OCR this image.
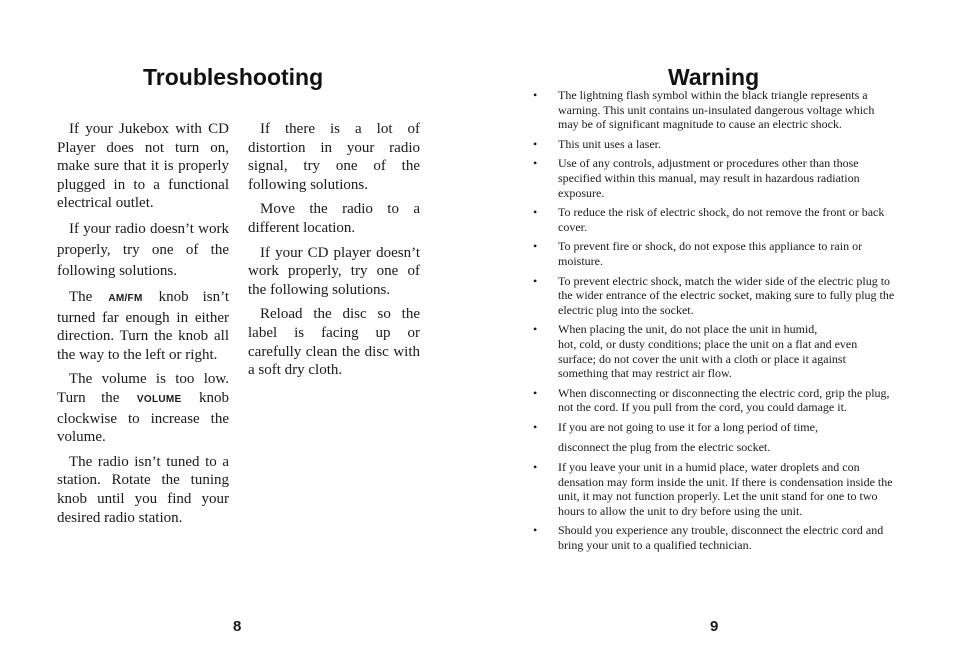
Troubleshooting

If your Jukebox with CD Player does not turn on, make sure that it is properly plugged in to a functional electrical outlet.

If your radio doesn’t work properly, try one of the following solutions.

The AM/FM knob isn’t turned far enough in either direction. Turn the knob all the way to the left or right.

The volume is too low. Turn the VOLUME knob clockwise to increase the volume.

The radio isn’t tuned to a station. Rotate the tuning knob until you find your desired radio station.

If there is a lot of distortion in your radio signal, try one of the following solutions.

Move the radio to a different location.

If your CD player doesn’t work properly, try one of the following solutions.

Reload the disc so the label is facing up or carefully clean the disc with a soft dry cloth.

8
Warning
• The lightning flash symbol within the black triangle represents a warning. This unit contains un-insulated dangerous voltage which may be of significant magnitude to cause an electric shock.
• This unit uses a laser.
• Use of any controls, adjustment or procedures other than those specified within this manual, may result in hazardous radiation exposure.
• To reduce the risk of electric shock, do not remove the front or back cover.
• To prevent fire or shock, do not expose this appliance to rain or moisture.
• To prevent electric shock, match the wider side of the electric plug to the wider entrance of the electric socket, making sure to fully plug the electric plug into the socket.
• When placing the unit, do not place the unit in humid,
hot, cold, or dusty conditions; place the unit on a flat and even surface; do not cover the unit with a cloth or place it against something that may restrict air flow.
• When disconnecting or disconnecting the electric cord, grip the plug, not the cord. If you pull from the cord, you could damage it.
• If you are not going to use it for a long period of time,
disconnect the plug from the electric socket.
• If you leave your unit in a humid place, water droplets and con densation may form inside the unit. If there is condensation inside the unit, it may not function properly. Let the unit stand for one to two hours to allow the unit to dry before using the unit.
• Should you experience any trouble, disconnect the electric cord and bring your unit to a qualified technician.
9
